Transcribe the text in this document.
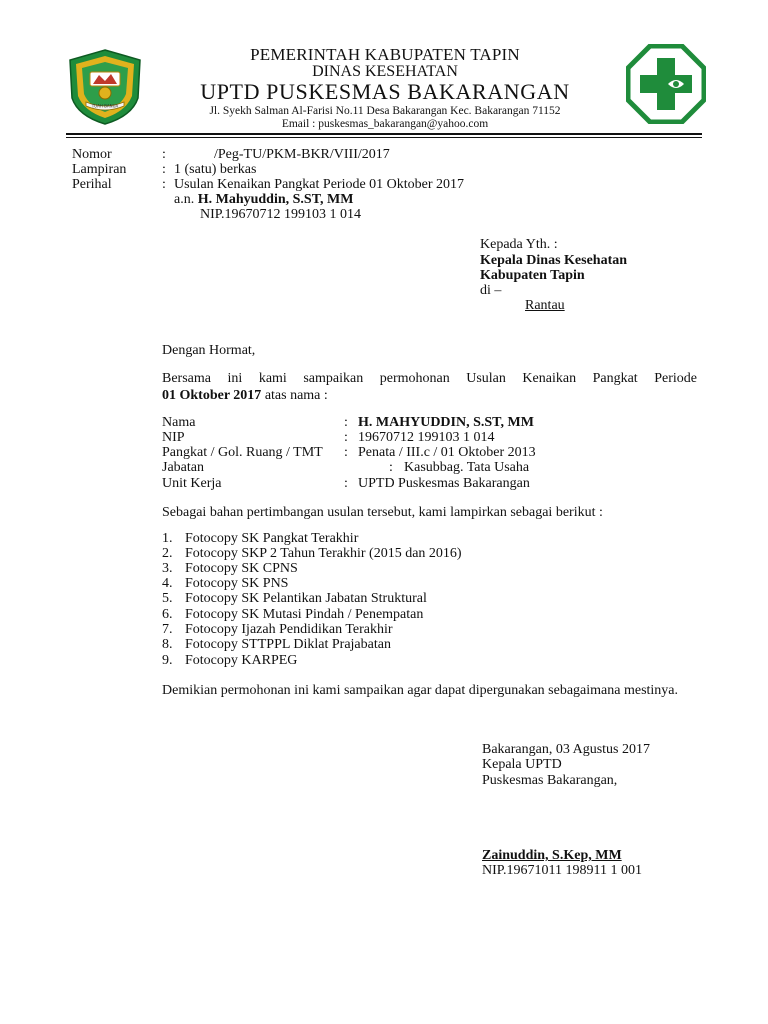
TUAH BANUA
PEMERINTAH KABUPATEN TAPIN
DINAS KESEHATAN
UPTD PUSKESMAS BAKARANGAN
Jl. Syekh Salman Al-Farisi No.11 Desa Bakarangan Kec. Bakarangan 71152
Email : puskesmas_bakarangan@yahoo.com
Nomor	:	/Peg-TU/PKM-BKR/VIII/2017
Lampiran	: 1 (satu) berkas
Perihal	: Usulan Kenaikan Pangkat Periode 01 Oktober 2017
a.n. H. Mahyuddin, S.ST, MM
NIP.19670712 199103 1 014
Kepada Yth. :
Kepala Dinas Kesehatan
Kabupaten Tapin
di –
Rantau
Dengan Hormat,
Bersama ini kami sampaikan permohonan Usulan Kenaikan Pangkat Periode
01 Oktober 2017 atas nama :
Nama	: H. MAHYUDDIN, S.ST, MM
NIP	: 19670712 199103 1 014
Pangkat / Gol. Ruang / TMT : Penata / III.c / 01 Oktober 2013
Jabatan	: Kasubbag. Tata Usaha
Unit Kerja	: UPTD Puskesmas Bakarangan
Sebagai bahan pertimbangan usulan tersebut, kami lampirkan sebagai berikut :
1. Fotocopy SK Pangkat Terakhir
2. Fotocopy SKP 2 Tahun Terakhir (2015 dan 2016)
3. Fotocopy SK CPNS
4. Fotocopy SK PNS
5. Fotocopy SK Pelantikan Jabatan Struktural
6. Fotocopy SK Mutasi Pindah / Penempatan
7. Fotocopy Ijazah Pendidikan Terakhir
8. Fotocopy STTPPL Diklat Prajabatan
9. Fotocopy KARPEG
Demikian permohonan ini kami sampaikan agar dapat dipergunakan sebagaimana mestinya.
Bakarangan, 03 Agustus 2017
Kepala UPTD
Puskesmas Bakarangan,
Zainuddin, S.Kep, MM
NIP.19671011 198911 1 001
